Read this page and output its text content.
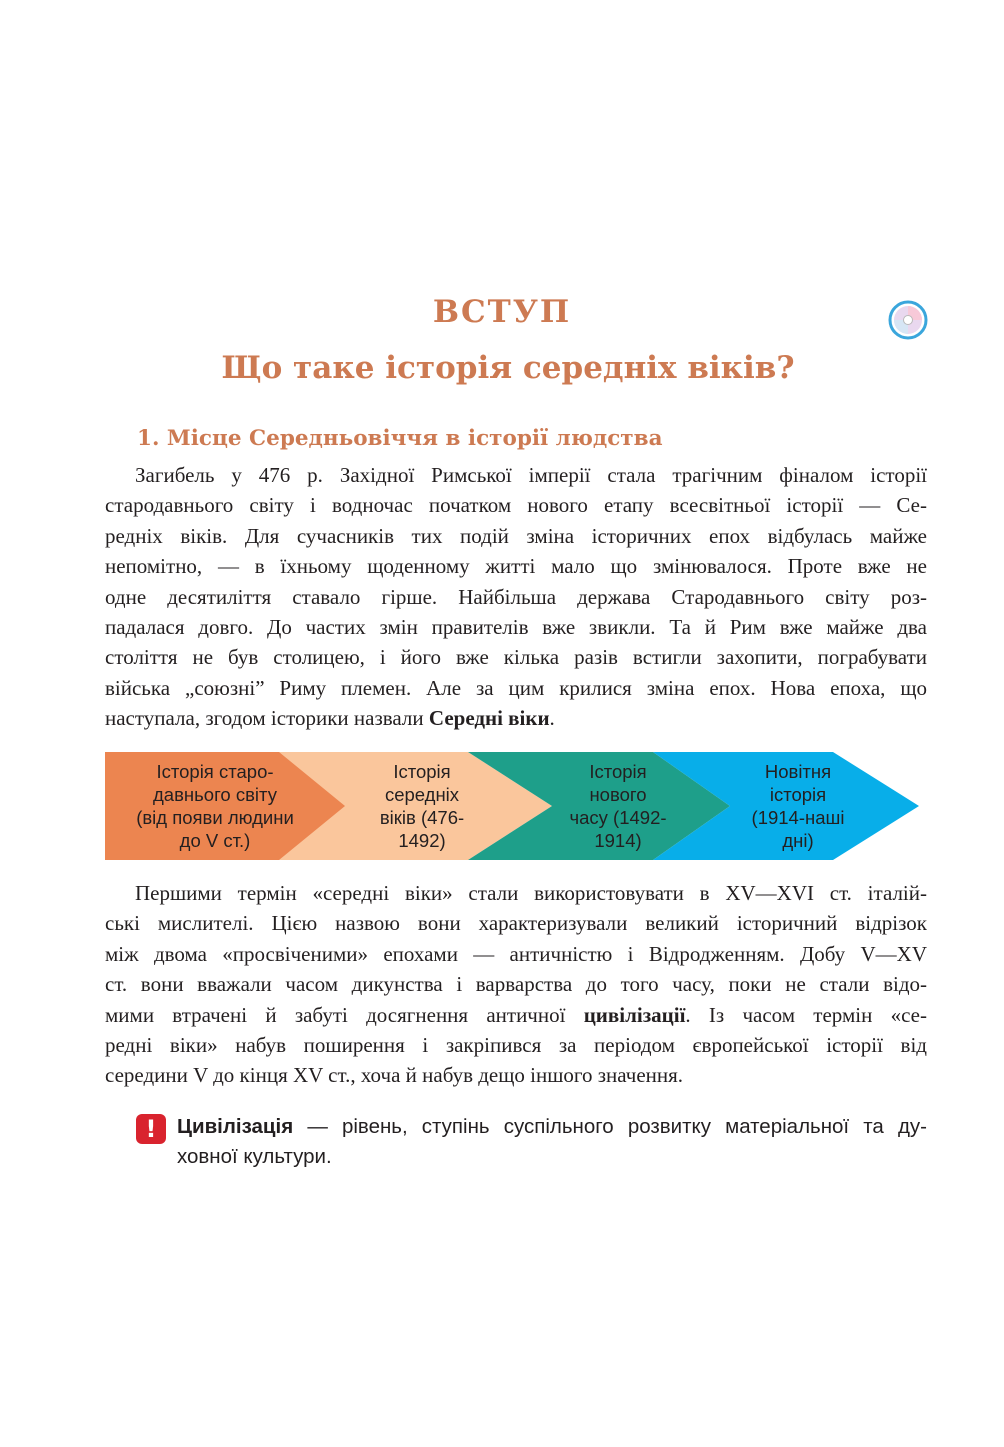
ВСТУП
Що таке історія середніх віків?
1. Місце Середньовіччя в історії людства
Загибель у 476 р. Західної Римської імперії стала трагічним фіналом історії
стародавнього світу і водночас початком нового етапу всесвітньої історії — Се-
редніх віків. Для сучасників тих подій зміна історичних епох відбулась майже
непомітно, — в їхньому щоденному житті мало що змінювалося. Проте вже не
одне десятиліття ставало гірше. Найбільша держава Стародавнього світу роз-
падалася довго. До частих змін правителів вже звикли. Та й Рим вже майже два
століття не був столицею, і його вже кілька разів встигли захопити, пограбувати
війська „союзні” Риму племен. Але за цим крилися зміна епох. Нова епоха, що
наступала, згодом історики назвали Середні віки.
Історія старо-
давнього світу
(від появи людини
до V ст.)
Історія
середніх
віків (476-
1492)
Історія
нового
часу (1492-
1914)
Новітня
історія
(1914-наші
дні)
Першими термін «середні віки» стали використовувати в XV—XVI ст. італій-
ські мислителі. Цією назвою вони характеризували великий історичний відрізок
між двома «просвіченими» епохами — античністю і Відродженням. Добу V—XV
ст. вони вважали часом дикунства і варварства до того часу, поки не стали відо-
мими втрачені й забуті досягнення античної цивілізації. Із часом термін «се-
редні віки» набув поширення і закріпився за періодом європейської історії від
середини V до кінця XV ст., хоча й набув дещо іншого значення.
!	Цивілізація — рівень, ступінь суспільного розвитку матеріальної та ду-
ховної культури.
